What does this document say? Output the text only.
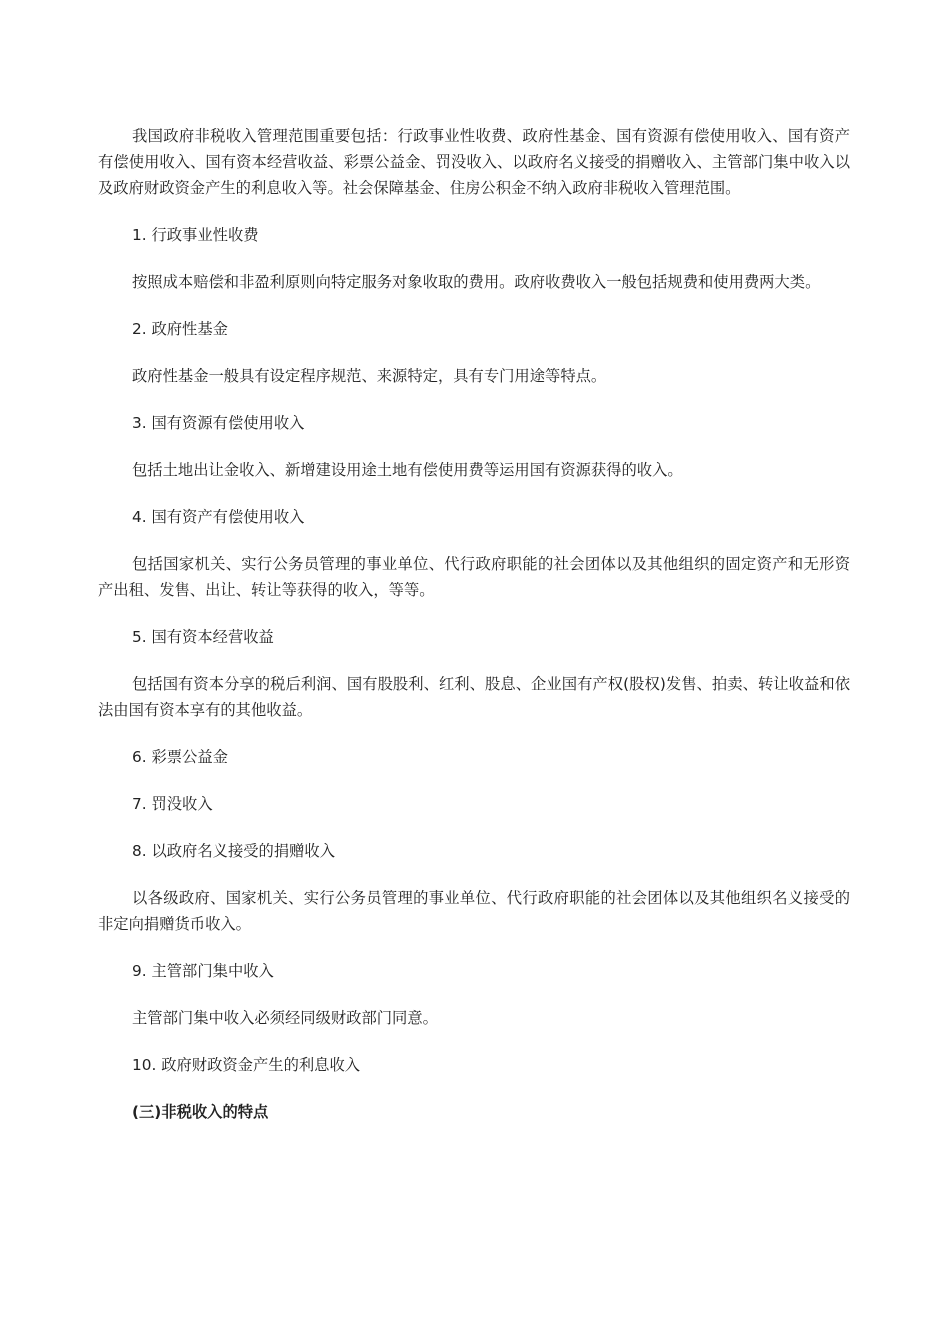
我国政府非税收入管理范围重要包括：行政事业性收费、政府性基金、国有资源有偿使用收入、国有资产有偿使用收入、国有资本经营收益、彩票公益金、罚没收入、以政府名义接受的捐赠收入、主管部门集中收入以及政府财政资金产生的利息收入等。社会保障基金、住房公积金不纳入政府非税收入管理范围。

1. 行政事业性收费

按照成本赔偿和非盈利原则向特定服务对象收取的费用。政府收费收入一般包括规费和使用费两大类。

2. 政府性基金

政府性基金一般具有设定程序规范、来源特定，具有专门用途等特点。

3. 国有资源有偿使用收入

包括土地出让金收入、新增建设用途土地有偿使用费等运用国有资源获得的收入。

4. 国有资产有偿使用收入

包括国家机关、实行公务员管理的事业单位、代行政府职能的社会团体以及其他组织的固定资产和无形资产出租、发售、出让、转让等获得的收入，等等。

5. 国有资本经营收益

包括国有资本分享的税后利润、国有股股利、红利、股息、企业国有产权(股权)发售、拍卖、转让收益和依法由国有资本享有的其他收益。

6. 彩票公益金

7. 罚没收入

8. 以政府名义接受的捐赠收入

以各级政府、国家机关、实行公务员管理的事业单位、代行政府职能的社会团体以及其他组织名义接受的非定向捐赠货币收入。

9. 主管部门集中收入

主管部门集中收入必须经同级财政部门同意。

10. 政府财政资金产生的利息收入

(三)非税收入的特点
